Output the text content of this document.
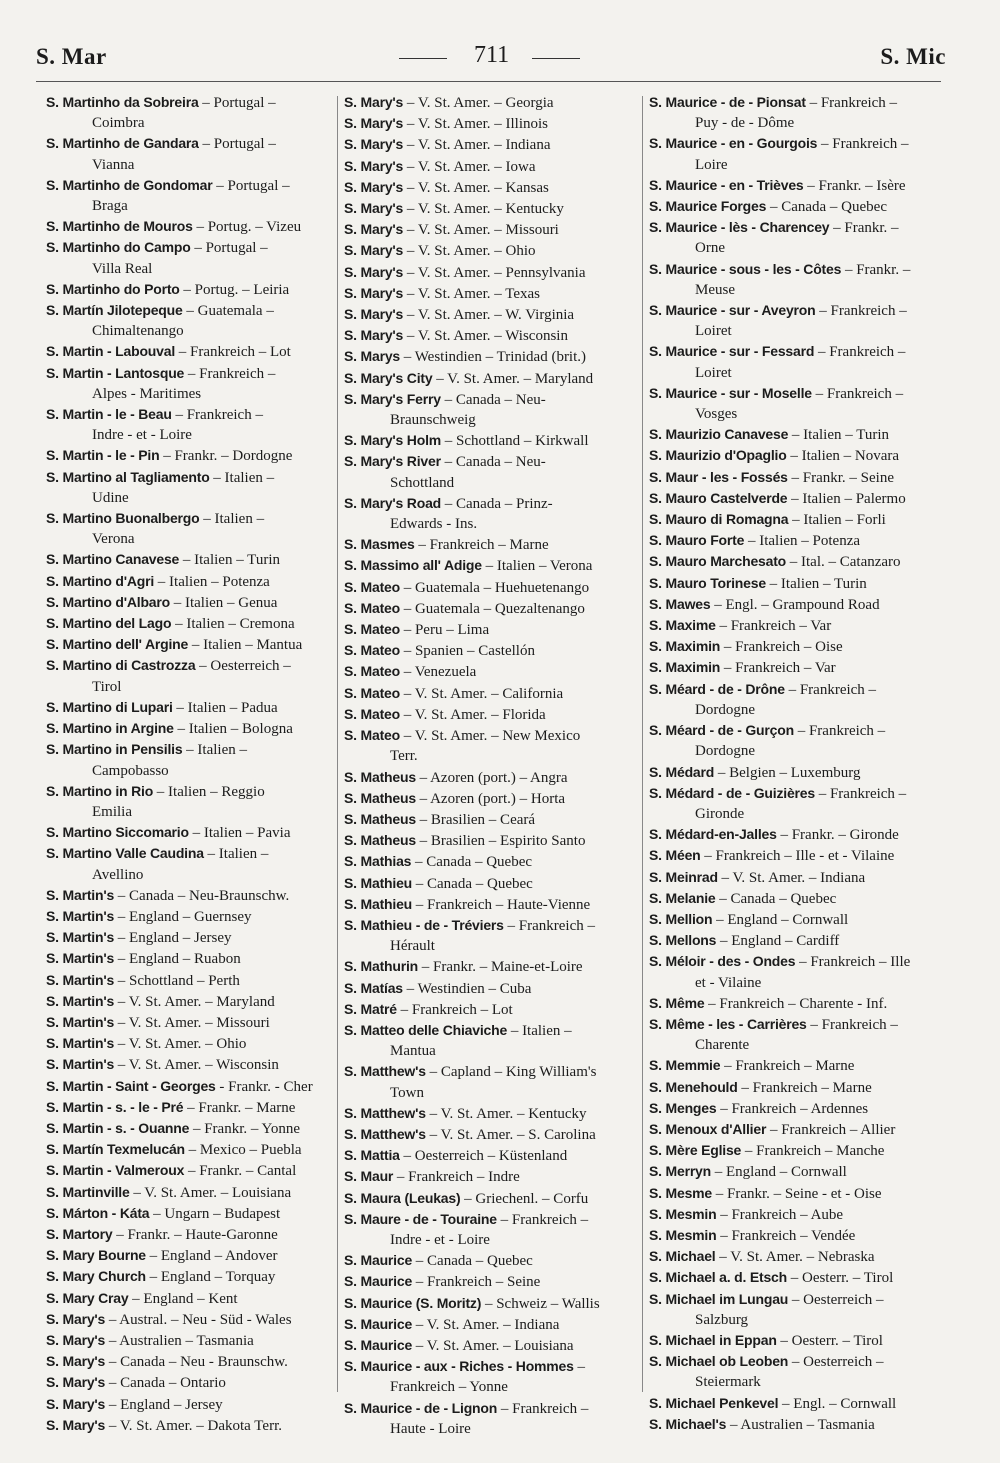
S. Mar	711	S. Mic
S. Martinho da Sobreira – Portugal –
Coimbra
S. Martinho de Gandara – Portugal –
Vianna
S. Martinho de Gondomar – Portugal –
Braga
S. Martinho de Mouros – Portug. – Vizeu
S. Martinho do Campo – Portugal –
Villa Real
S. Martinho do Porto – Portug. – Leiria
S. Martín Jilotepeque – Guatemala –
Chimaltenango
S. Martin - Labouval – Frankreich – Lot
S. Martin - Lantosque – Frankreich –
Alpes - Maritimes
S. Martin - le - Beau – Frankreich –
Indre - et - Loire
S. Martin - le - Pin – Frankr. – Dordogne
S. Martino al Tagliamento – Italien –
Udine
S. Martino Buonalbergo – Italien –
Verona
S. Martino Canavese – Italien – Turin
S. Martino d'Agri – Italien – Potenza
S. Martino d'Albaro – Italien – Genua
S. Martino del Lago – Italien – Cremona
S. Martino dell' Argine – Italien – Mantua
S. Martino di Castrozza – Oesterreich –
Tirol
S. Martino di Lupari – Italien – Padua
S. Martino in Argine – Italien – Bologna
S. Martino in Pensilis – Italien –
Campobasso
S. Martino in Rio – Italien – Reggio
Emilia
S. Martino Siccomario – Italien – Pavia
S. Martino Valle Caudina – Italien –
Avellino
S. Martin's – Canada – Neu-Braunschw.
S. Martin's – England – Guernsey
S. Martin's – England – Jersey
S. Martin's – England – Ruabon
S. Martin's – Schottland – Perth
S. Martin's – V. St. Amer. – Maryland
S. Martin's – V. St. Amer. – Missouri
S. Martin's – V. St. Amer. – Ohio
S. Martin's – V. St. Amer. – Wisconsin
S. Martin - Saint - Georges - Frankr. - Cher
S. Martin - s. - le - Pré – Frankr. – Marne
S. Martin - s. - Ouanne – Frankr. – Yonne
S. Martín Texmelucán – Mexico – Puebla
S. Martin - Valmeroux – Frankr. – Cantal
S. Martinville – V. St. Amer. – Louisiana
S. Márton - Káta – Ungarn – Budapest
S. Martory – Frankr. – Haute-Garonne
S. Mary Bourne – England – Andover
S. Mary Church – England – Torquay
S. Mary Cray – England – Kent
S. Mary's – Austral. – Neu - Süd - Wales
S. Mary's – Australien – Tasmania
S. Mary's – Canada – Neu - Braunschw.
S. Mary's – Canada – Ontario
S. Mary's – England – Jersey
S. Mary's – V. St. Amer. – Dakota Terr.
S. Mary's – V. St. Amer. – Georgia
S. Mary's – V. St. Amer. – Illinois
S. Mary's – V. St. Amer. – Indiana
S. Mary's – V. St. Amer. – Iowa
S. Mary's – V. St. Amer. – Kansas
S. Mary's – V. St. Amer. – Kentucky
S. Mary's – V. St. Amer. – Missouri
S. Mary's – V. St. Amer. – Ohio
S. Mary's – V. St. Amer. – Pennsylvania
S. Mary's – V. St. Amer. – Texas
S. Mary's – V. St. Amer. – W. Virginia
S. Mary's – V. St. Amer. – Wisconsin
S. Marys – Westindien – Trinidad (brit.)
S. Mary's City – V. St. Amer. – Maryland
S. Mary's Ferry – Canada – Neu-
Braunschweig
S. Mary's Holm – Schottland – Kirkwall
S. Mary's River – Canada – Neu-
Schottland
S. Mary's Road – Canada – Prinz-
Edwards - Ins.
S. Masmes – Frankreich – Marne
S. Massimo all' Adige – Italien – Verona
S. Mateo – Guatemala – Huehuetenango
S. Mateo – Guatemala – Quezaltenango
S. Mateo – Peru – Lima
S. Mateo – Spanien – Castellón
S. Mateo – Venezuela
S. Mateo – V. St. Amer. – California
S. Mateo – V. St. Amer. – Florida
S. Mateo – V. St. Amer. – New Mexico
Terr.
S. Matheus – Azoren (port.) – Angra
S. Matheus – Azoren (port.) – Horta
S. Matheus – Brasilien – Ceará
S. Matheus – Brasilien – Espirito Santo
S. Mathias – Canada – Quebec
S. Mathieu – Canada – Quebec
S. Mathieu – Frankreich – Haute-Vienne
S. Mathieu - de - Tréviers – Frankreich –
Hérault
S. Mathurin – Frankr. – Maine-et-Loire
S. Matías – Westindien – Cuba
S. Matré – Frankreich – Lot
S. Matteo delle Chiaviche – Italien –
Mantua
S. Matthew's – Capland – King William's
Town
S. Matthew's – V. St. Amer. – Kentucky
S. Matthew's – V. St. Amer. – S. Carolina
S. Mattia – Oesterreich – Küstenland
S. Maur – Frankreich – Indre
S. Maura (Leukas) – Griechenl. – Corfu
S. Maure - de - Touraine – Frankreich –
Indre - et - Loire
S. Maurice – Canada – Quebec
S. Maurice – Frankreich – Seine
S. Maurice (S. Moritz) – Schweiz – Wallis
S. Maurice – V. St. Amer. – Indiana
S. Maurice – V. St. Amer. – Louisiana
S. Maurice - aux - Riches - Hommes –
Frankreich – Yonne
S. Maurice - de - Lignon – Frankreich –
Haute - Loire
S. Maurice - de - Pionsat – Frankreich –
Puy - de - Dôme
S. Maurice - en - Gourgois – Frankreich –
Loire
S. Maurice - en - Trièves – Frankr. – Isère
S. Maurice Forges – Canada – Quebec
S. Maurice - lès - Charencey – Frankr. –
Orne
S. Maurice - sous - les - Côtes – Frankr. –
Meuse
S. Maurice - sur - Aveyron – Frankreich –
Loiret
S. Maurice - sur - Fessard – Frankreich –
Loiret
S. Maurice - sur - Moselle – Frankreich –
Vosges
S. Maurizio Canavese – Italien – Turin
S. Maurizio d'Opaglio – Italien – Novara
S. Maur - les - Fossés – Frankr. – Seine
S. Mauro Castelverde – Italien – Palermo
S. Mauro di Romagna – Italien – Forli
S. Mauro Forte – Italien – Potenza
S. Mauro Marchesato – Ital. – Catanzaro
S. Mauro Torinese – Italien – Turin
S. Mawes – Engl. – Grampound Road
S. Maxime – Frankreich – Var
S. Maximin – Frankreich – Oise
S. Maximin – Frankreich – Var
S. Méard - de - Drône – Frankreich –
Dordogne
S. Méard - de - Gurçon – Frankreich –
Dordogne
S. Médard – Belgien – Luxemburg
S. Médard - de - Guizières – Frankreich –
Gironde
S. Médard-en-Jalles – Frankr. – Gironde
S. Méen – Frankreich – Ille - et - Vilaine
S. Meinrad – V. St. Amer. – Indiana
S. Melanie – Canada – Quebec
S. Mellion – England – Cornwall
S. Mellons – England – Cardiff
S. Méloir - des - Ondes – Frankreich – Ille
et - Vilaine
S. Même – Frankreich – Charente - Inf.
S. Même - les - Carrières – Frankreich –
Charente
S. Memmie – Frankreich – Marne
S. Menehould – Frankreich – Marne
S. Menges – Frankreich – Ardennes
S. Menoux d'Allier – Frankreich – Allier
S. Mère Eglise – Frankreich – Manche
S. Merryn – England – Cornwall
S. Mesme – Frankr. – Seine - et - Oise
S. Mesmin – Frankreich – Aube
S. Mesmin – Frankreich – Vendée
S. Michael – V. St. Amer. – Nebraska
S. Michael a. d. Etsch – Oesterr. – Tirol
S. Michael im Lungau – Oesterreich –
Salzburg
S. Michael in Eppan – Oesterr. – Tirol
S. Michael ob Leoben – Oesterreich –
Steiermark
S. Michael Penkevel – Engl. – Cornwall
S. Michael's – Australien – Tasmania
